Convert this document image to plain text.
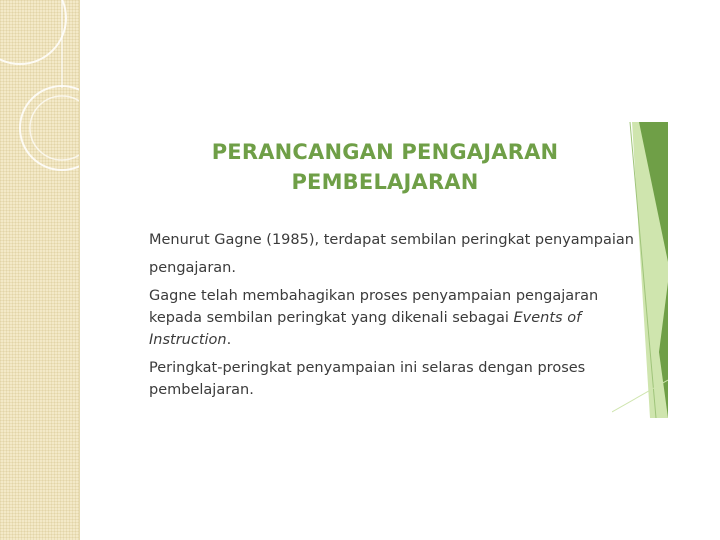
PERANCANGAN PENGAJARAN
PEMBELAJARAN
Menurut Gagne (1985), terdapat sembilan peringkat penyampaian
pengajaran.
Gagne telah membahagikan proses penyampaian pengajaran kepada sembilan peringkat yang dikenali sebagai Events of Instruction.
Peringkat-peringkat penyampaian ini selaras dengan proses pembelajaran.
